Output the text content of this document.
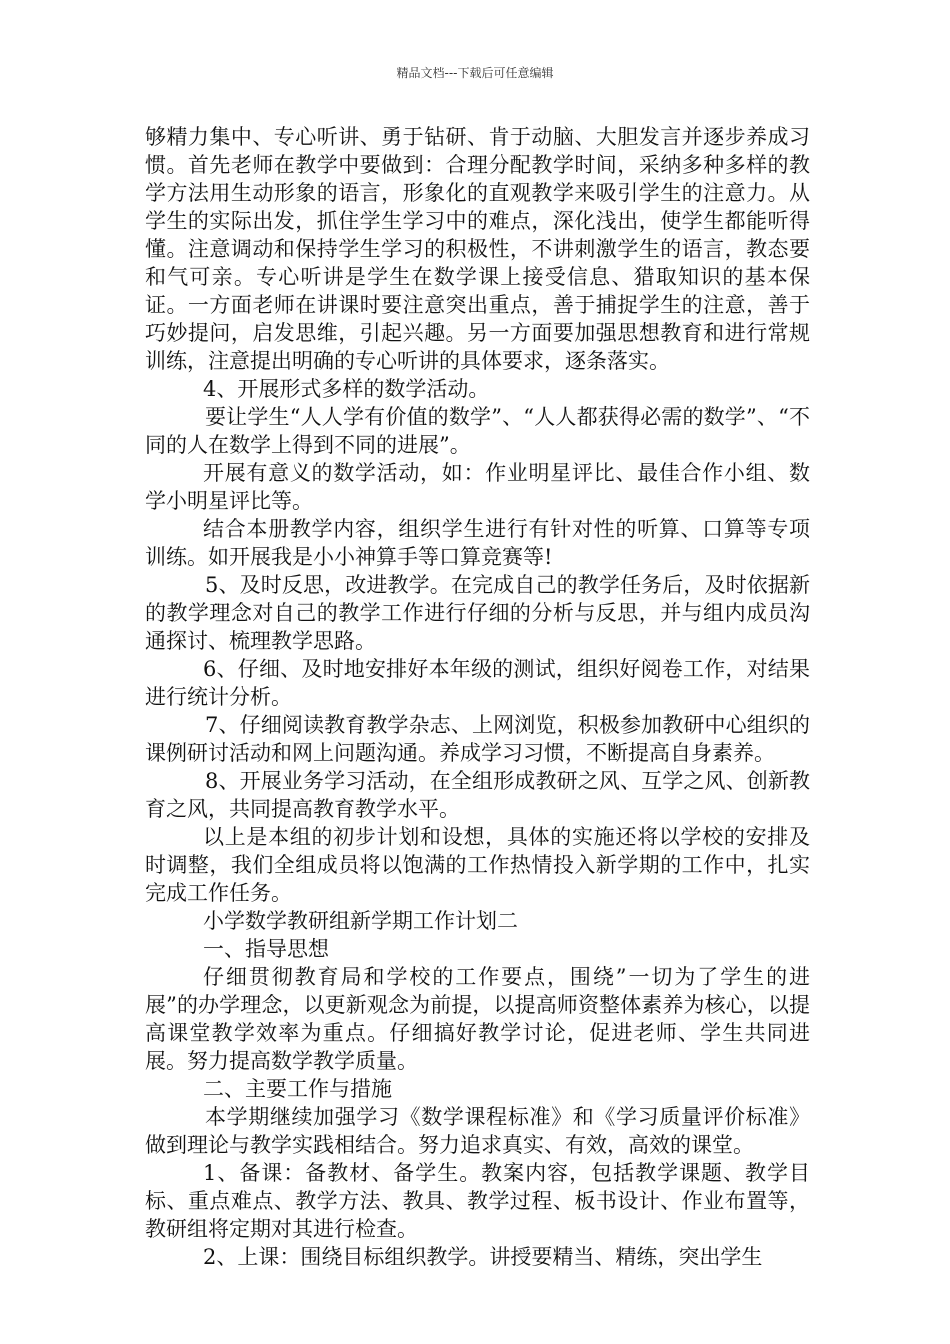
精品文档---下载后可任意编辑

够精力集中、专心听讲、勇于钻研、肯于动脑、大胆发言并逐步养成习惯。首先老师在教学中要做到：合理分配教学时间，采纳多种多样的教学方法用生动形象的语言，形象化的直观教学来吸引学生的注意力。从学生的实际出发，抓住学生学习中的难点，深化浅出，使学生都能听得懂。注意调动和保持学生学习的积极性，不讲刺激学生的语言，教态要和气可亲。专心听讲是学生在数学课上接受信息、猎取知识的基本保证。一方面老师在讲课时要注意突出重点，善于捕捉学生的注意，善于巧妙提问，启发思维，引起兴趣。另一方面要加强思想教育和进行常规训练，注意提出明确的专心听讲的具体要求，逐条落实。

4、开展形式多样的数学活动。

要让学生“人人学有价值的数学”、“人人都获得必需的数学”、“不同的人在数学上得到不同的进展”。

开展有意义的数学活动，如：作业明星评比、最佳合作小组、数学小明星评比等。

结合本册教学内容，组织学生进行有针对性的听算、口算等专项训练。如开展我是小小神算手等口算竞赛等!

5、及时反思，改进教学。在完成自己的教学任务后，及时依据新的教学理念对自己的教学工作进行仔细的分析与反思，并与组内成员沟通探讨、梳理教学思路。

6、仔细、及时地安排好本年级的测试，组织好阅卷工作，对结果进行统计分析。

7、仔细阅读教育教学杂志、上网浏览，积极参加教研中心组织的课例研讨活动和网上问题沟通。养成学习习惯，不断提高自身素养。

8、开展业务学习活动，在全组形成教研之风、互学之风、创新教育之风，共同提高教育教学水平。

以上是本组的初步计划和设想，具体的实施还将以学校的安排及时调整，我们全组成员将以饱满的工作热情投入新学期的工作中，扎实完成工作任务。

小学数学教研组新学期工作计划二

一、指导思想

仔细贯彻教育局和学校的工作要点，围绕”一切为了学生的进展”的办学理念，以更新观念为前提，以提高师资整体素养为核心，以提高课堂教学效率为重点。仔细搞好教学讨论，促进老师、学生共同进展。努力提高数学教学质量。

二、主要工作与措施

本学期继续加强学习《数学课程标准》和《学习质量评价标准》做到理论与教学实践相结合。努力追求真实、有效，高效的课堂。

1、备课：备教材、备学生。教案内容，包括教学课题、教学目标、重点难点、教学方法、教具、教学过程、板书设计、作业布置等，教研组将定期对其进行检查。

2、上课：围绕目标组织教学。讲授要精当、精练，突出学生
